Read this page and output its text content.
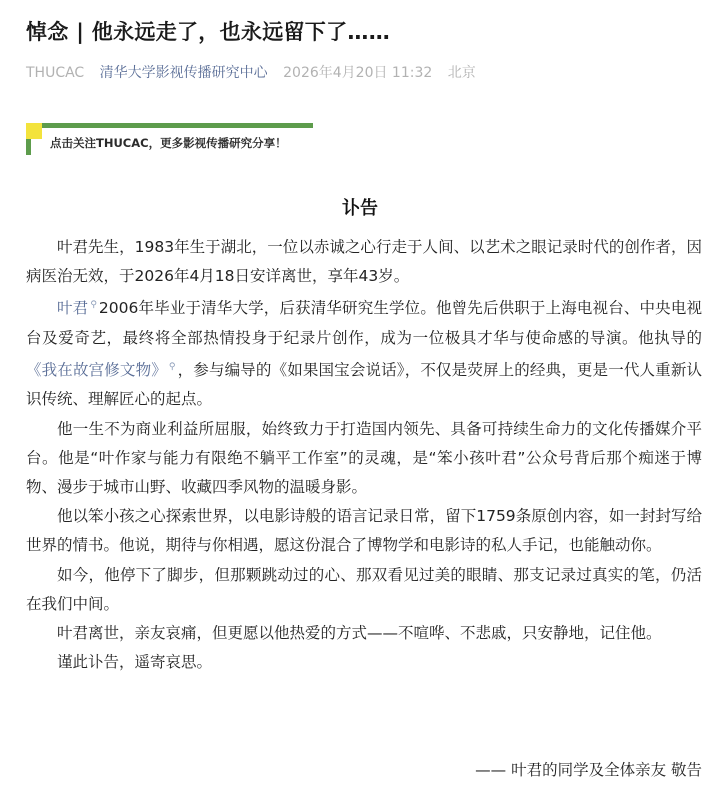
悼念 | 他永远走了，也永远留下了……
THUCAC 清华大学影视传播研究中心 2026年4月20日 11:32 北京
点击关注THUCAC，更多影视传播研究分享！
讣告

叶君先生，1983年生于湖北，一位以赤诚之心行走于人间、以艺术之眼记录时代的创作者，因病医治无效，于2026年4月18日安详离世，享年43岁。

叶君 ⚲ 2006年毕业于清华大学，后获清华研究生学位。他曾先后供职于上海电视台、中央电视台及爱奇艺，最终将全部热情投身于纪录片创作，成为一位极具才华与使命感的导演。他执导的《我在故宫修文物》 ⚲ ，参与编导的《如果国宝会说话》，不仅是荧屏上的经典，更是一代人重新认识传统、理解匠心的起点。

他一生不为商业利益所屈服，始终致力于打造国内领先、具备可持续生命力的文化传播媒介平台。他是“叶作家与能力有限绝不躺平工作室”的灵魂，是“笨小孩叶君”公众号背后那个痴迷于博物、漫步于城市山野、收藏四季风物的温暖身影。

他以笨小孩之心探索世界，以电影诗般的语言记录日常，留下1759条原创内容，如一封封写给世界的情书。他说，期待与你相遇，愿这份混合了博物学和电影诗的私人手记，也能触动你。

如今，他停下了脚步，但那颗跳动过的心、那双看见过美的眼睛、那支记录过真实的笔，仍活在我们中间。

叶君离世，亲友哀痛，但更愿以他热爱的方式——不喧哗、不悲戚，只安静地，记住他。

谨此讣告，遥寄哀思。

—— 叶君的同学及全体亲友 敬告
